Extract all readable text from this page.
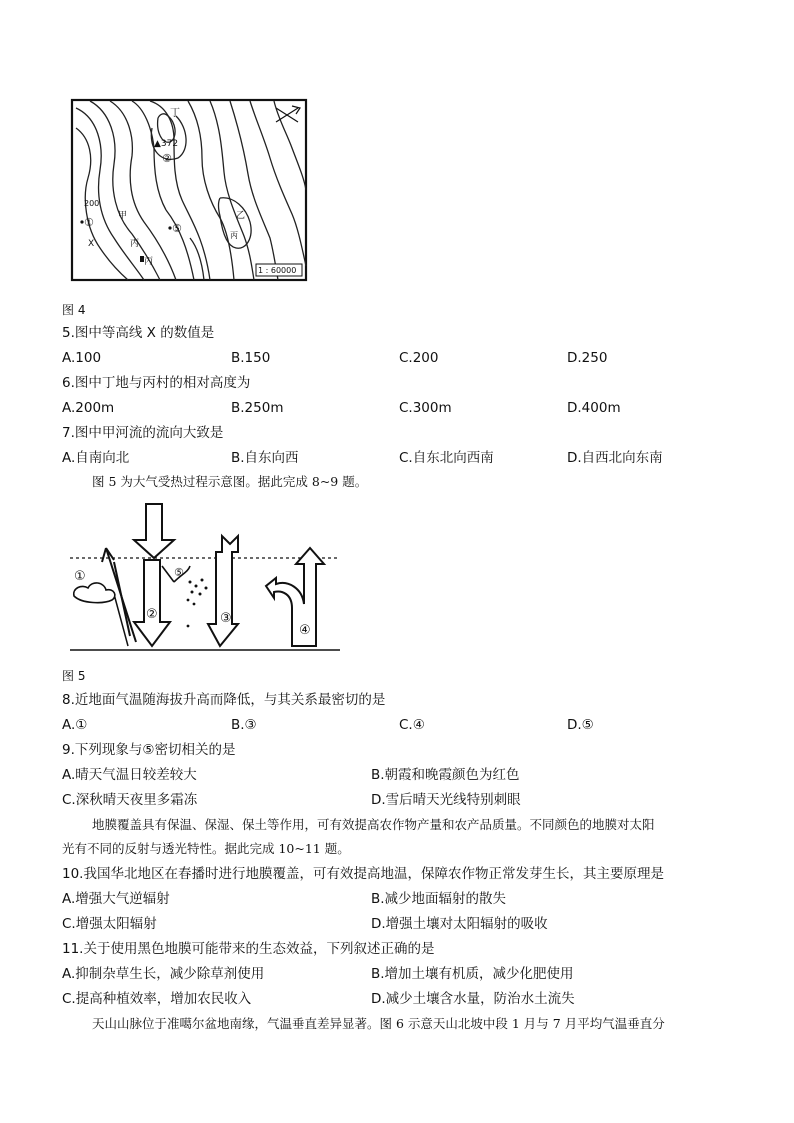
1 : 60000
丁
▲372
②
200
①
X
甲
丙
⑤
乙
丙
丙
图 4
5.图中等高线 X 的数值是
A.100	B.150	C.200	D.250
6.图中丁地与丙村的相对高度为
A.200m	B.250m	C.300m	D.400m
7.图中甲河流的流向大致是
A.自南向北	B.自东向西	C.自东北向西南	D.自西北向东南
图 5 为大气受热过程示意图。据此完成 8~9 题。
②
①	⑤
③
④
图 5
8.近地面气温随海拔升高而降低，与其关系最密切的是
A.①	B.③	C.④	D.⑤
9.下列现象与⑤密切相关的是
A.晴天气温日较差较大	B.朝霞和晚霞颜色为红色
C.深秋晴天夜里多霜冻	D.雪后晴天光线特别刺眼
地膜覆盖具有保温、保湿、保土等作用，可有效提高农作物产量和农产品质量。不同颜色的地膜对太阳
光有不同的反射与透光特性。据此完成 10~11 题。
10.我国华北地区在春播时进行地膜覆盖，可有效提高地温，保障农作物正常发芽生长，其主要原理是
A.增强大气逆辐射	B.减少地面辐射的散失
C.增强太阳辐射	D.增强土壤对太阳辐射的吸收
11.关于使用黑色地膜可能带来的生态效益，下列叙述正确的是
A.抑制杂草生长，减少除草剂使用	B.增加土壤有机质，减少化肥使用
C.提高种植效率，增加农民收入	D.减少土壤含水量，防治水土流失
天山山脉位于准噶尔盆地南缘，气温垂直差异显著。图 6 示意天山北坡中段 1 月与 7 月平均气温垂直分
